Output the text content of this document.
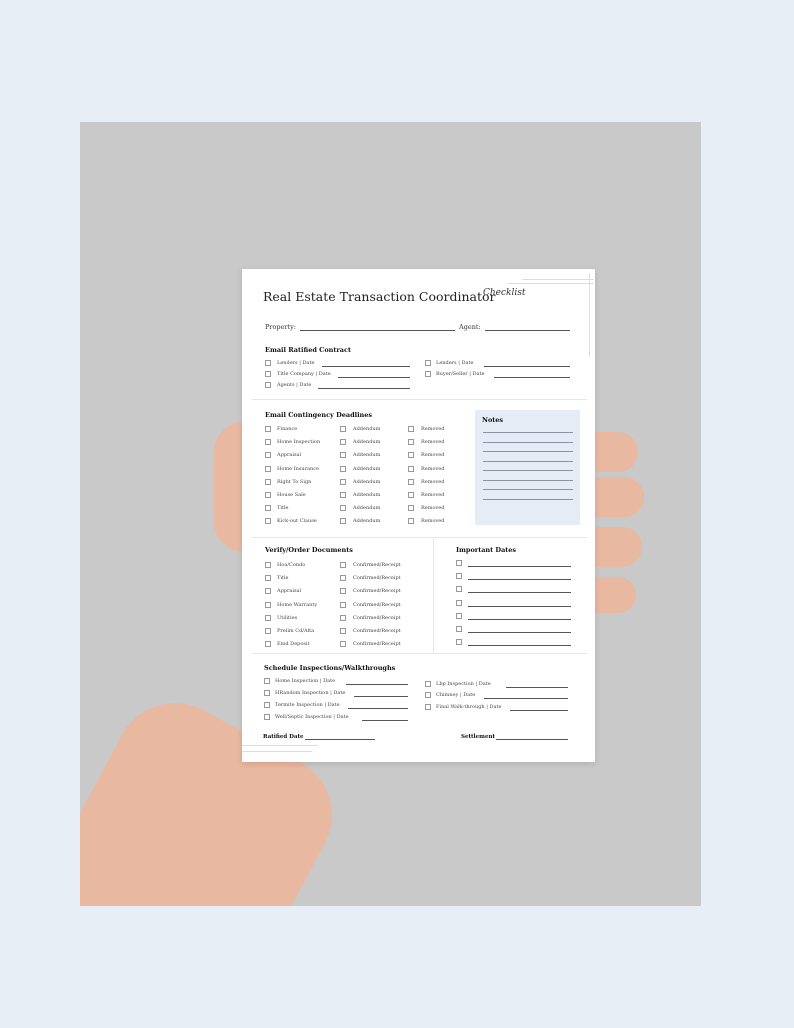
Real Estate Transaction Coordinator
Checklist
Property:	Agent:
Email Ratified Contract
Lenders | Date
Title Company | Date
Agents | Date
Lenders | Date
Buyer/Seller | Date
Email Contingency Deadlines
Finance	Addendum	Removed
Home Inspection	Addendum	Removed
Appraisal	Addendum	Removed
Home Insurance	Addendum	Removed
Right To Sign	Addendum	Removed
House Sale	Addendum	Removed
Title	Addendum	Removed
Kick-out Clause	Addendum	Removed
Notes
Verify/Order Documents
Hoa/Condo	Confirmed/Receipt
Title	Confirmed/Receipt
Appraisal	Confirmed/Receipt
Home Warranty	Confirmed/Receipt
Utilities	Confirmed/Receipt
Prelim Cd/Alta	Confirmed/Receipt
Emd Deposit	Confirmed/Receipt
Important Dates
Schedule Inspections/Walkthroughs
Home Inspection | Date
HRandom Inspection | Date
Termite Inspection | Date
Well/Septic Inspection | Date
Lbp Inspection | Date
Chimney | Date
Final Walk-through | Date
Ratified Date	Settlement
